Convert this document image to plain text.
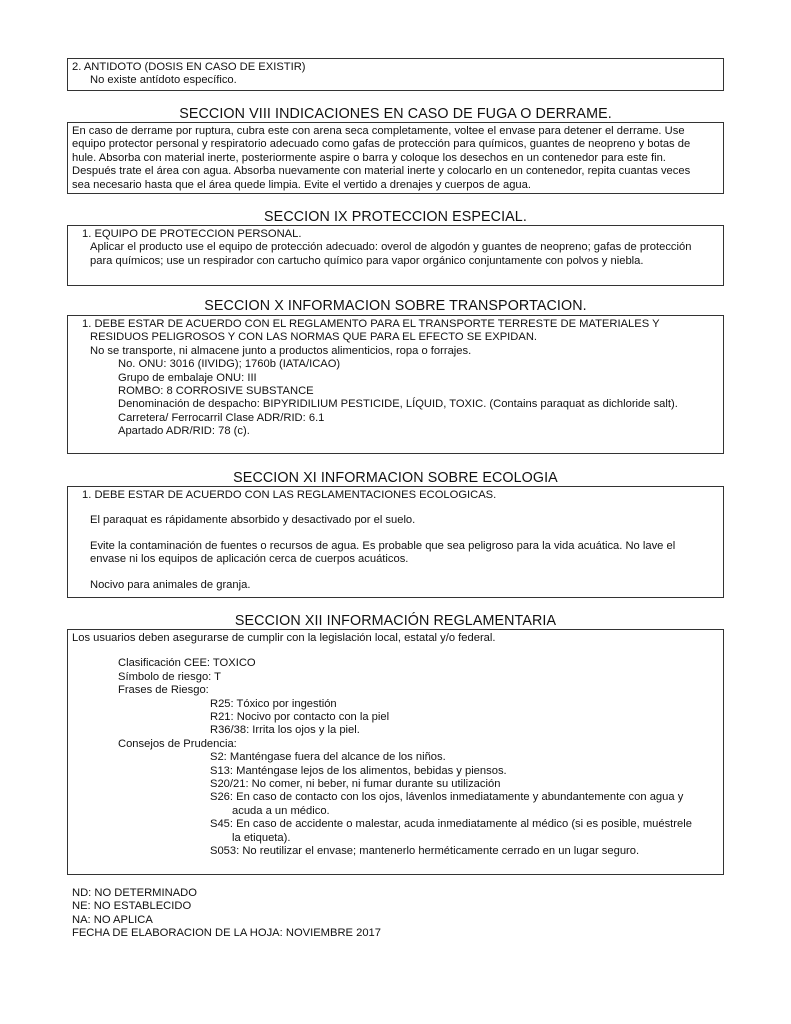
2. ANTIDOTO (DOSIS EN CASO DE EXISTIR)
No existe antídoto específico.
SECCION VIII INDICACIONES EN CASO DE FUGA O DERRAME.
En caso de derrame por ruptura, cubra este con arena seca completamente, voltee el envase para detener el derrame. Use
equipo protector personal y respiratorio adecuado como gafas de protección para químicos, guantes de neopreno y botas de
hule. Absorba con material inerte, posteriormente aspire o barra y coloque los desechos en un contenedor para este fin.
Después trate el área con agua. Absorba nuevamente con material inerte y colocarlo en un contenedor, repita cuantas veces
sea necesario hasta que el área quede limpia. Evite el vertido a drenajes y cuerpos de agua.
SECCION IX PROTECCION ESPECIAL.
1. EQUIPO DE PROTECCION PERSONAL.
Aplicar el producto use el equipo de protección adecuado: overol de algodón y guantes de neopreno; gafas de protección
para químicos; use un respirador con cartucho químico para vapor orgánico conjuntamente con polvos y niebla.
SECCION X INFORMACION SOBRE TRANSPORTACION.
1. DEBE ESTAR DE ACUERDO CON EL REGLAMENTO PARA EL TRANSPORTE TERRESTE DE MATERIALES Y
RESIDUOS PELIGROSOS Y CON LAS NORMAS QUE PARA EL EFECTO SE EXPIDAN.
No se transporte, ni almacene junto a productos alimenticios, ropa o forrajes.
No. ONU: 3016 (IIVIDG); 1760b (IATA/ICAO)
Grupo de embalaje ONU: III
ROMBO: 8 CORROSIVE SUBSTANCE
Denominación de despacho: BIPYRIDILIUM PESTICIDE, LÍQUID, TOXIC. (Contains paraquat as dichloride salt).
Carretera/ Ferrocarril Clase ADR/RID: 6.1
Apartado ADR/RID: 78 (c).
SECCION XI INFORMACION SOBRE ECOLOGIA
1. DEBE ESTAR DE ACUERDO CON LAS REGLAMENTACIONES ECOLOGICAS.
El paraquat es rápidamente absorbido y desactivado por el suelo.
Evite la contaminación de fuentes o recursos de agua. Es probable que sea peligroso para la vida acuática. No lave el
envase ni los equipos de aplicación cerca de cuerpos acuáticos.
Nocivo para animales de granja.
SECCION XII INFORMACIÓN REGLAMENTARIA
Los usuarios deben asegurarse de cumplir con la legislación local, estatal y/o federal.
Clasificación CEE: TOXICO
Símbolo de riesgo: T
Frases de Riesgo:
R25: Tóxico por ingestión
R21: Nocivo por contacto con la piel
R36/38: Irrita los ojos y la piel.
Consejos de Prudencia:
S2: Manténgase fuera del alcance de los niños.
S13: Manténgase lejos de los alimentos, bebidas y piensos.
S20/21: No comer, ni beber, ni fumar durante su utilización
S26: En caso de contacto con los ojos, lávenlos inmediatamente y abundantemente con agua y
acuda a un médico.
S45: En caso de accidente o malestar, acuda inmediatamente al médico (si es posible, muéstrele
la etiqueta).
S053: No reutilizar el envase; mantenerlo herméticamente cerrado en un lugar seguro.
ND: NO DETERMINADO
NE: NO ESTABLECIDO
NA: NO APLICA
FECHA DE ELABORACION DE LA HOJA: NOVIEMBRE 2017
